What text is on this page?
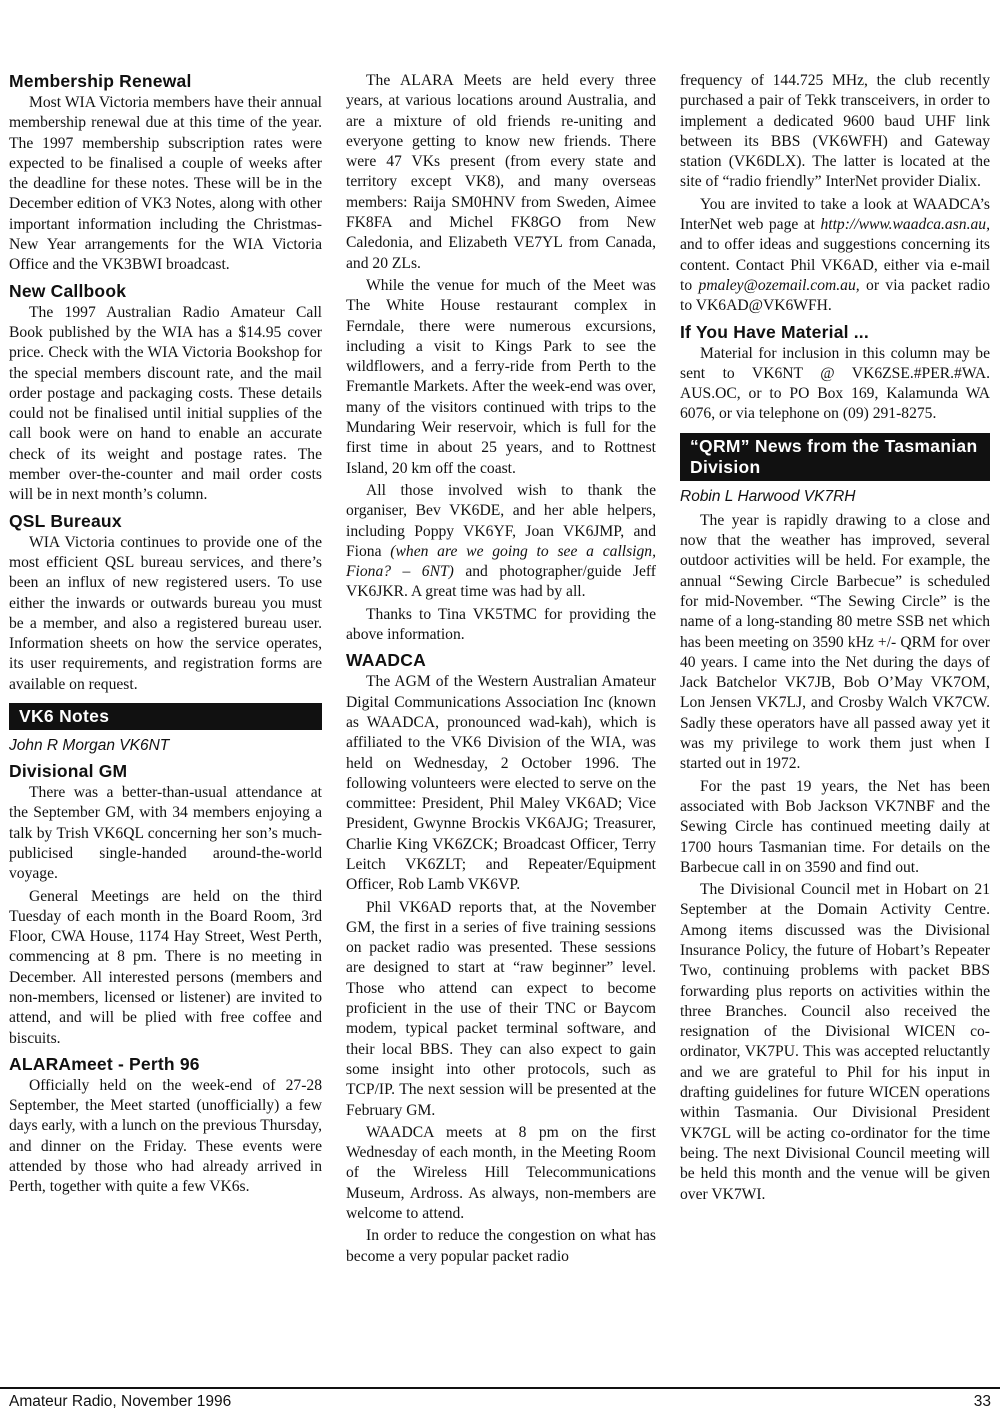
Membership Renewal

Most WIA Victoria members have their annual membership renewal due at this time of the year. The 1997 membership subscription rates were expected to be finalised a couple of weeks after the deadline for these notes. These will be in the December edition of VK3 Notes, along with other important information including the Christmas-New Year arrangements for the WIA Victoria Office and the VK3BWI broadcast.

New Callbook

The 1997 Australian Radio Amateur Call Book published by the WIA has a $14.95 cover price. Check with the WIA Victoria Bookshop for the special members discount rate, and the mail order postage and packaging costs. These details could not be finalised until initial supplies of the call book were on hand to enable an accurate check of its weight and postage rates. The member over-the-counter and mail order costs will be in next month’s column.

QSL Bureaux

WIA Victoria continues to provide one of the most efficient QSL bureau services, and there’s been an influx of new registered users. To use either the inwards or outwards bureau you must be a member, and also a registered bureau user. Information sheets on how the service operates, its user requirements, and registration forms are available on request.

VK6 Notes
John R Morgan VK6NT
Divisional GM

There was a better-than-usual attendance at the September GM, with 34 members enjoying a talk by Trish VK6QL concerning her son’s much-publicised single-handed around-the-world voyage.

General Meetings are held on the third Tuesday of each month in the Board Room, 3rd Floor, CWA House, 1174 Hay Street, West Perth, commencing at 8 pm. There is no meeting in December. All interested persons (members and non-members, licensed or listener) are invited to attend, and will be plied with free coffee and biscuits.

ALARAmeet - Perth 96

Officially held on the week-end of 27-28 September, the Meet started (unofficially) a few days early, with a lunch on the previous Thursday, and dinner on the Friday. These events were attended by those who had already arrived in Perth, together with quite a few VK6s.

The ALARA Meets are held every three years, at various locations around Australia, and are a mixture of old friends re-uniting and everyone getting to know new friends. There were 47 VKs present (from every state and territory except VK8), and many overseas members: Raija SM0HNV from Sweden, Aimee FK8FA and Michel FK8GO from New Caledonia, and Elizabeth VE7YL from Canada, and 20 ZLs.

While the venue for much of the Meet was The White House restaurant complex in Ferndale, there were numerous excursions, including a visit to Kings Park to see the wildflowers, and a ferry-ride from Perth to the Fremantle Markets. After the week-end was over, many of the visitors continued with trips to the Mundaring Weir reservoir, which is full for the first time in about 25 years, and to Rottnest Island, 20 km off the coast.

All those involved wish to thank the organiser, Bev VK6DE, and her able helpers, including Poppy VK6YF, Joan VK6JMP, and Fiona (when are we going to see a callsign, Fiona? – 6NT) and photographer/guide Jeff VK6JKR. A great time was had by all.

Thanks to Tina VK5TMC for providing the above information.

WAADCA

The AGM of the Western Australian Amateur Digital Communications Association Inc (known as WAADCA, pronounced wad-kah), which is affiliated to the VK6 Division of the WIA, was held on Wednesday, 2 October 1996. The following volunteers were elected to serve on the committee: President, Phil Maley VK6AD; Vice President, Gwynne Brockis VK6AJG; Treasurer, Charlie King VK6ZCK; Broadcast Officer, Terry Leitch VK6ZLT; and Repeater/Equipment Officer, Rob Lamb VK6VP.

Phil VK6AD reports that, at the November GM, the first in a series of five training sessions on packet radio was presented. These sessions are designed to start at “raw beginner” level. Those who attend can expect to become proficient in the use of their TNC or Baycom modem, typical packet terminal software, and their local BBS. They can also expect to gain some insight into other protocols, such as TCP/IP. The next session will be presented at the February GM.

WAADCA meets at 8 pm on the first Wednesday of each month, in the Meeting Room of the Wireless Hill Telecommunications Museum, Ardross. As always, non-members are welcome to attend.

In order to reduce the congestion on what has become a very popular packet radio

frequency of 144.725 MHz, the club recently purchased a pair of Tekk transceivers, in order to implement a dedicated 9600 baud UHF link between its BBS (VK6WFH) and Gateway station (VK6DLX). The latter is located at the site of “radio friendly” InterNet provider Dialix.

You are invited to take a look at WAADCA’s InterNet web page at http://www.waadca.asn.au, and to offer ideas and suggestions concerning its content. Contact Phil VK6AD, either via e-mail to pmaley@ozemail.com.au, or via packet radio to VK6AD@VK6WFH.

If You Have Material ...

Material for inclusion in this column may be sent to VK6NT @ VK6ZSE.#PER.#WA. AUS.OC, or to PO Box 169, Kalamunda WA 6076, or via telephone on (09) 291-8275.

“QRM” News from the Tasmanian Division
Robin L Harwood VK7RH

The year is rapidly drawing to a close and now that the weather has improved, several outdoor activities will be held. For example, the annual “Sewing Circle Barbecue” is scheduled for mid-November. “The Sewing Circle” is the name of a long-standing 80 metre SSB net which has been meeting on 3590 kHz +/- QRM for over 40 years. I came into the Net during the days of Jack Batchelor VK7JB, Bob O’May VK7OM, Lon Jensen VK7LJ, and Crosby Walch VK7CW. Sadly these operators have all passed away yet it was my privilege to work them just when I started out in 1972.

For the past 19 years, the Net has been associated with Bob Jackson VK7NBF and the Sewing Circle has continued meeting daily at 1700 hours Tasmanian time. For details on the Barbecue call in on 3590 and find out.

The Divisional Council met in Hobart on 21 September at the Domain Activity Centre. Among items discussed was the Divisional Insurance Policy, the future of Hobart’s Repeater Two, continuing problems with packet BBS forwarding plus reports on activities within the three Branches. Council also received the resignation of the Divisional WICEN co-ordinator, VK7PU. This was accepted reluctantly and we are grateful to Phil for his input in drafting guidelines for future WICEN operations within Tasmania. Our Divisional President VK7GL will be acting co-ordinator for the time being. The next Divisional Council meeting will be held this month and the venue will be given over VK7WI.

Amateur Radio, November 1996	33
